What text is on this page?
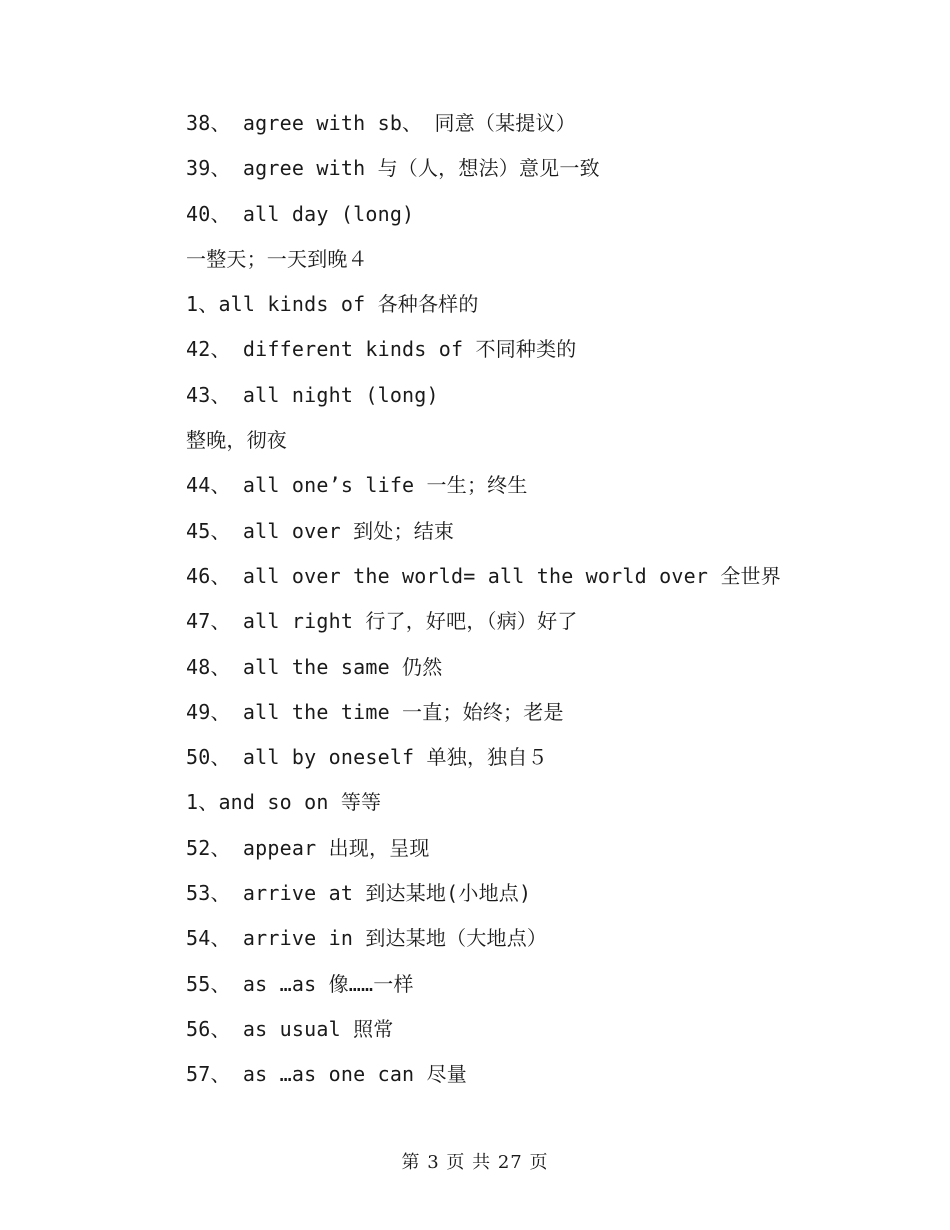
38、 agree with sb、 同意（某提议）
39、 agree with 与（人，想法）意见一致
40、 all day (long)
一整天；一天到晚４
1、all kinds of 各种各样的
42、 different kinds of 不同种类的
43、 all night (long)
整晚，彻夜
44、 all one’s life 一生；终生
45、 all over 到处；结束
46、 all over the world= all the world over 全世界
47、 all right 行了，好吧，（病）好了
48、 all the same 仍然
49、 all the time 一直；始终；老是
50、 all by oneself 单独，独自５
1、and so on 等等
52、 appear 出现，呈现
53、 arrive at 到达某地(小地点)
54、 arrive in 到达某地（大地点）
55、 as …as 像……一样
56、 as usual 照常
57、 as …as one can 尽量
第 3 页 共 27 页
